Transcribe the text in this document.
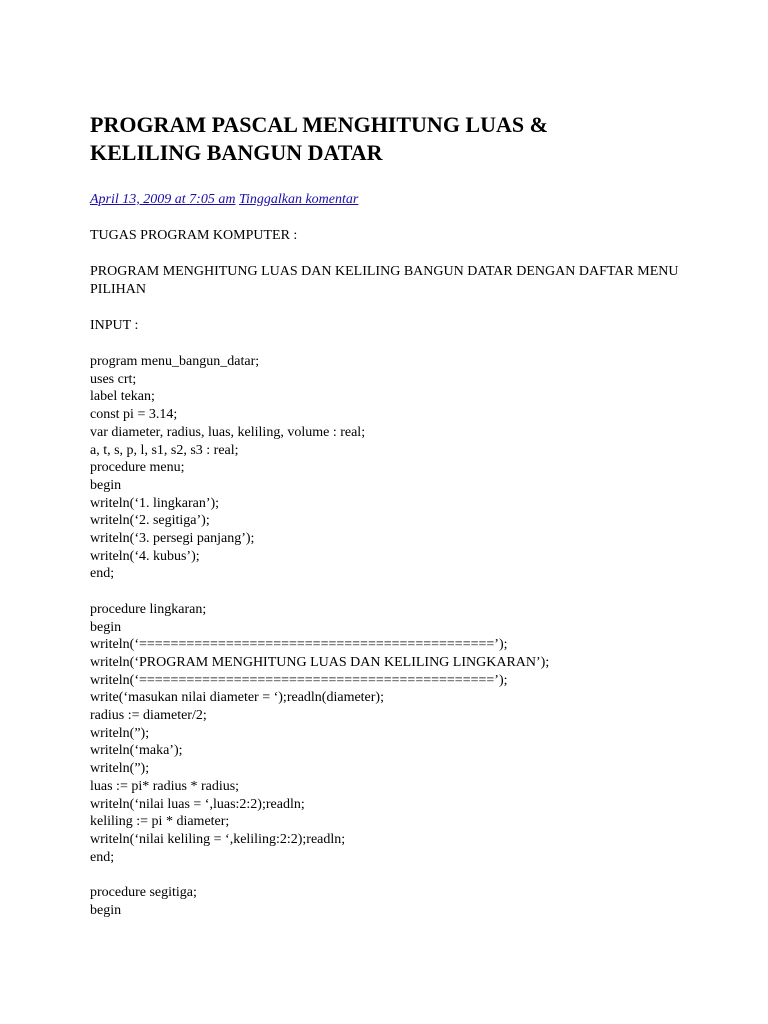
PROGRAM PASCAL MENGHITUNG LUAS &
KELILING BANGUN DATAR
April 13, 2009 at 7:05 am Tinggalkan komentar

TUGAS PROGRAM KOMPUTER :

PROGRAM MENGHITUNG LUAS DAN KELILING BANGUN DATAR DENGAN DAFTAR MENU PILIHAN

INPUT :

program menu_bangun_datar;
uses crt;
label tekan;
const pi = 3.14;
var diameter, radius, luas, keliling, volume : real;
a, t, s, p, l, s1, s2, s3 : real;
procedure menu;
begin
writeln(‘1. lingkaran’);
writeln(‘2. segitiga’);
writeln(‘3. persegi panjang’);
writeln(‘4. kubus’);
end;
procedure lingkaran;
begin
writeln(‘=============================================’);
writeln(‘PROGRAM MENGHITUNG LUAS DAN KELILING LINGKARAN’);
writeln(‘=============================================’);
write(‘masukan nilai diameter = ‘);readln(diameter);
radius := diameter/2;
writeln(”);
writeln(‘maka’);
writeln(”);
luas := pi* radius * radius;
writeln(‘nilai luas = ‘,luas:2:2);readln;
keliling := pi * diameter;
writeln(‘nilai keliling = ‘,keliling:2:2);readln;
end;
procedure segitiga;
begin
